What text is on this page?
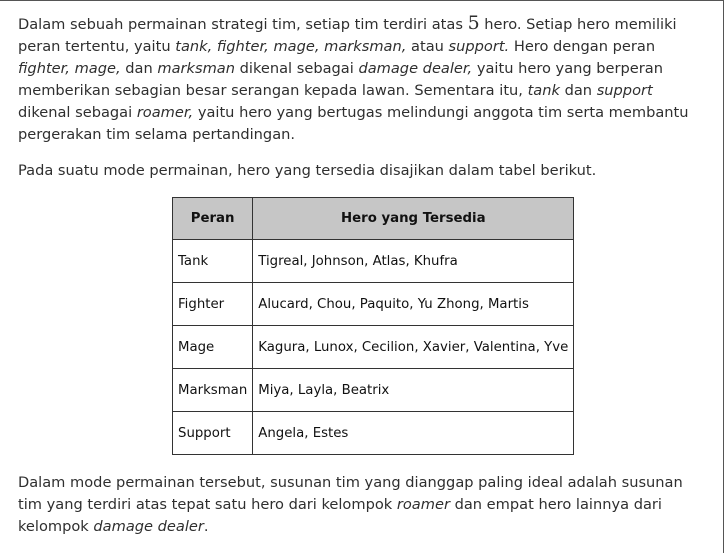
Dalam sebuah permainan strategi tim, setiap tim terdiri atas 5 hero. Setiap hero memiliki peran tertentu, yaitu tank, fighter, mage, marksman, atau support. Hero dengan peran fighter, mage, dan marksman dikenal sebagai damage dealer, yaitu hero yang berperan memberikan sebagian besar serangan kepada lawan. Sementara itu, tank dan support dikenal sebagai roamer, yaitu hero yang bertugas melindungi anggota tim serta membantu pergerakan tim selama pertandingan.

Pada suatu mode permainan, hero yang tersedia disajikan dalam tabel berikut.

Peran	Hero yang Tersedia
Tank	Tigreal, Johnson, Atlas, Khufra
Fighter	Alucard, Chou, Paquito, Yu Zhong, Martis
Mage	Kagura, Lunox, Cecilion, Xavier, Valentina, Yve
Marksman	Miya, Layla, Beatrix
Support	Angela, Estes

Dalam mode permainan tersebut, susunan tim yang dianggap paling ideal adalah susunan tim yang terdiri atas tepat satu hero dari kelompok roamer dan empat hero lainnya dari kelompok damage dealer.
